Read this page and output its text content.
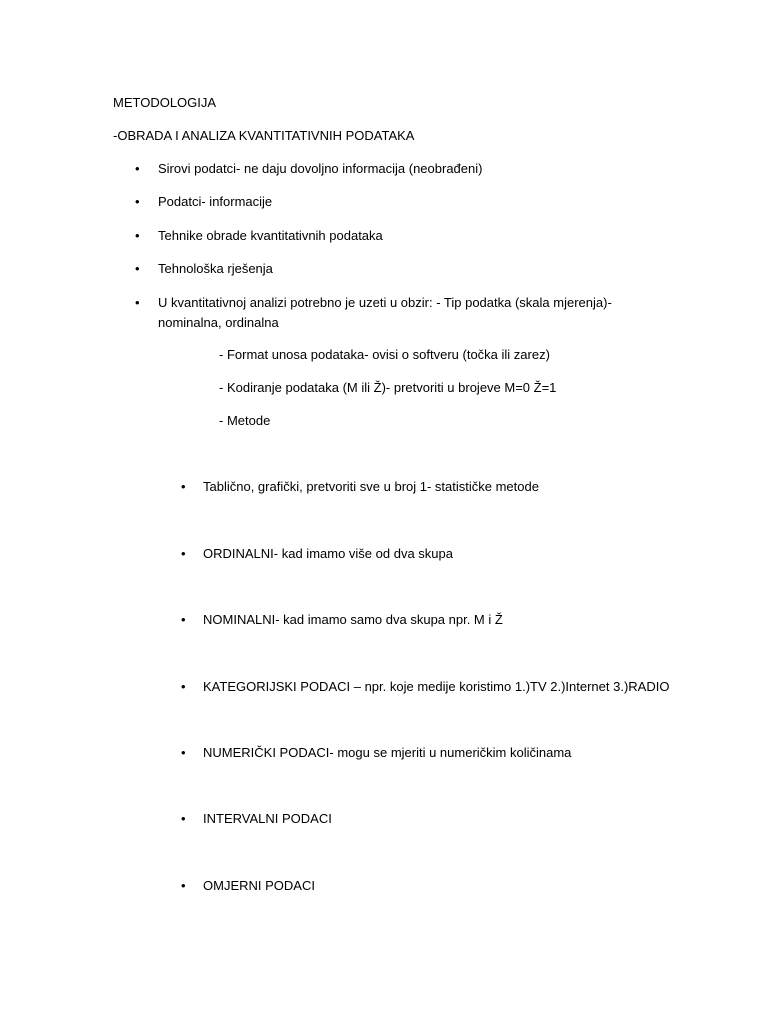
METODOLOGIJA
-OBRADA I ANALIZA KVANTITATIVNIH PODATAKA
• Sirovi podatci- ne daju dovoljno informacija (neobrađeni)
• Podatci- informacije
• Tehnike obrade kvantitativnih podataka
• Tehnološka rješenja
• U kvantitativnoj analizi potrebno je uzeti u obzir: - Tip podatka (skala mjerenja)-
nominalna, ordinalna
- Format unosa podataka- ovisi o softveru (točka ili zarez)
- Kodiranje podataka (M ili Ž)- pretvoriti u brojeve M=0 Ž=1
- Metode
• Tablično, grafički, pretvoriti sve u broj 1- statističke metode
• ORDINALNI- kad imamo više od dva skupa
• NOMINALNI- kad imamo samo dva skupa npr. M i Ž
• KATEGORIJSKI PODACI – npr. koje medije koristimo 1.)TV 2.)Internet 3.)RADIO
• NUMERIČKI PODACI- mogu se mjeriti u numeričkim količinama
• INTERVALNI PODACI
• OMJERNI PODACI
